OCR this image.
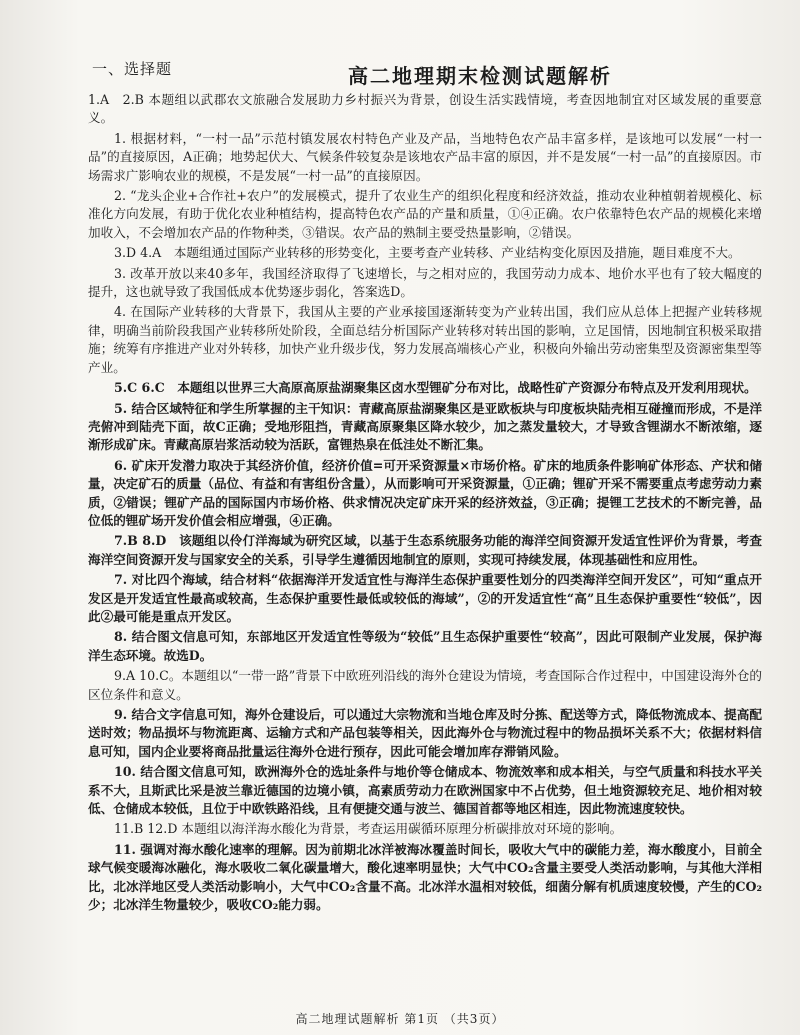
一、选择题	高二地理期末检测试题解析

1.A　2.B 本题组以武郡农文旅融合发展助力乡村振兴为背景，创设生活实践情境，考查因地制宜对区域发展的重要意义。

1. 根据材料，“一村一品”示范村镇发展农村特色产业及产品，当地特色农产品丰富多样，是该地可以发展“一村一品”的直接原因，A正确；地势起伏大、气候条件较复杂是该地农产品丰富的原因，并不是发展“一村一品”的直接原因。市场需求广影响农业的规模，不是发展“一村一品”的直接原因。

2. “龙头企业+合作社+农户”的发展模式，提升了农业生产的组织化程度和经济效益，推动农业种植朝着规模化、标准化方向发展，有助于优化农业种植结构，提高特色农产品的产量和质量，①④正确。农户依靠特色农产品的规模化来增加收入，不会增加农产品的作物种类，③错误。农产品的熟制主要受热量影响，②错误。

3.D 4.A　本题组通过国际产业转移的形势变化，主要考查产业转移、产业结构变化原因及措施，题目难度不大。

3. 改革开放以来40多年，我国经济取得了飞速增长，与之相对应的，我国劳动力成本、地价水平也有了较大幅度的提升，这也就导致了我国低成本优势逐步弱化，答案选D。

4. 在国际产业转移的大背景下，我国从主要的产业承接国逐渐转变为产业转出国，我们应从总体上把握产业转移规律，明确当前阶段我国产业转移所处阶段，全面总结分析国际产业转移对转出国的影响，立足国情，因地制宜积极采取措施；统筹有序推进产业对外转移，加快产业升级步伐，努力发展高端核心产业，积极向外输出劳动密集型及资源密集型等产业。

5.C 6.C　本题组以世界三大高原高原盐湖聚集区卤水型锂矿分布对比，战略性矿产资源分布特点及开发利用现状。

5. 结合区域特征和学生所掌握的主干知识：青藏高原盐湖聚集区是亚欧板块与印度板块陆壳相互碰撞而形成，不是洋壳俯冲到陆壳下面，故C正确；受地形阻挡，青藏高原聚集区降水较少，加之蒸发量较大，才导致含锂湖水不断浓缩，逐渐形成矿床。青藏高原岩浆活动较为活跃，富锂热泉在低洼处不断汇集。

6. 矿床开发潜力取决于其经济价值，经济价值=可开采资源量×市场价格。矿床的地质条件影响矿体形态、产状和储量，决定矿石的质量（品位、有益和有害组份含量），从而影响可开采资源量，①正确；锂矿开采不需要重点考虑劳动力素质，②错误；锂矿产品的国际国内市场价格、供求情况决定矿床开采的经济效益，③正确；提锂工艺技术的不断完善，品位低的锂矿场开发价值会相应增强，④正确。

7.B 8.D　该题组以伶仃洋海域为研究区域，以基于生态系统服务功能的海洋空间资源开发适宜性评价为背景，考查海洋空间资源开发与国家安全的关系，引导学生遵循因地制宜的原则，实现可持续发展，体现基础性和应用性。

7. 对比四个海域，结合材料“依据海洋开发适宜性与海洋生态保护重要性划分的四类海洋空间开发区”，可知“重点开发区是开发适宜性最高或较高，生态保护重要性最低或较低的海域”，②的开发适宜性“高”且生态保护重要性“较低”，因此②最可能是重点开发区。

8. 结合图文信息可知，东部地区开发适宜性等级为“较低”且生态保护重要性“较高”，因此可限制产业发展，保护海洋生态环境。故选D。

9.A 10.C。本题组以“一带一路”背景下中欧班列沿线的海外仓建设为情境，考查国际合作过程中，中国建设海外仓的区位条件和意义。

9. 结合文字信息可知，海外仓建设后，可以通过大宗物流和当地仓库及时分拣、配送等方式，降低物流成本、提高配送时效；物品损坏与物流距离、运输方式和产品包装等相关，因此海外仓与物流过程中的物品损坏关系不大；依据材料信息可知，国内企业要将商品批量运往海外仓进行预存，因此可能会增加库存滞销风险。

10. 结合图文信息可知，欧洲海外仓的选址条件与地价等仓储成本、物流效率和成本相关，与空气质量和科技水平关系不大，且斯武比采是波兰靠近德国的边境小镇，高素质劳动力在欧洲国家中不占优势，但土地资源较充足、地价相对较低、仓储成本较低，且位于中欧铁路沿线，且有便捷交通与波兰、德国首都等地区相连，因此物流速度较快。

11.B 12.D 本题组以海洋海水酸化为背景，考查运用碳循环原理分析碳排放对环境的影响。

11. 强调对海水酸化速率的理解。因为前期北冰洋被海冰覆盖时间长，吸收大气中的碳能力差，海水酸度小，目前全球气候变暖海冰融化，海水吸收二氧化碳量增大，酸化速率明显快；大气中CO₂含量主要受人类活动影响，与其他大洋相比，北冰洋地区受人类活动影响小，大气中CO₂含量不高。北冰洋水温相对较低，细菌分解有机质速度较慢，产生的CO₂少；北冰洋生物量较少，吸收CO₂能力弱。

高二地理试题解析 第1页 （共3页）
